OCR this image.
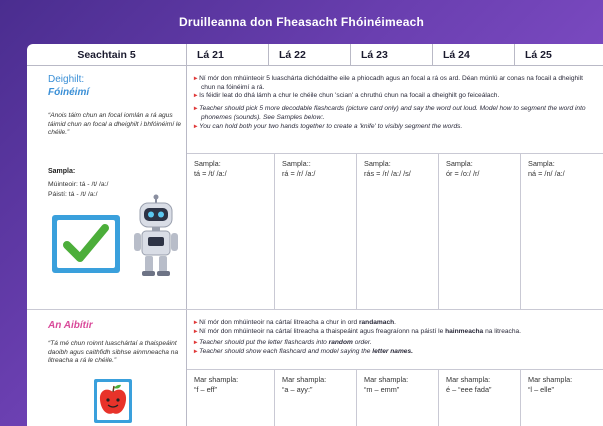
Druilleanna don Fheasacht Fhóinéimeach
Seachtain 5	Lá 21	Lá 22	Lá 23	Lá 24	Lá 25
Deighilt:
Fóinéimí
“Anois táim chun an focal iomlán a rá agus táimid chun an focal a dheighilt i bhfóinéimí le chéile.”
Sampla:
Múinteoir: tá - /t/ /a:/
Páistí: tá - /t/ /a:/

▸ Ní mór don mhúinteoir 5 luaschárta dichódaithe eile a phiocadh agus an focal a rá os ard. Déan múnlú ar conas na focail a dheighilt chun na fóinéimí a rá.

▸ Is féidir leat do dhá lámh a chur le chéile chun 'scian' a chruthú chun na focail a dheighilt go feiceálach.

▸ Teacher should pick 5 more decodable flashcards (picture card only) and say the word out loud. Model how to segment the word into phonemes (sounds). See Samples below:.

▸ You can hold both your two hands together to create a 'knife' to visibly segment the words.

Sampla:
tá = /t/ /a:/
Sampla::
rá = /r/ /a:/
Sampla:
rás = /r/ /a:/ /s/
Sampla:
ór = /o:/ /r/
Sampla:
ná = /n/ /a:/
An Aibítir
“Tá mé chun roinnt luaschártaí a thaispeáint daoibh agus caithfidh sibhse ainmneacha na litreacha a rá le chéile.”

▸ Ní mór don mhúinteoir na cártaí litreacha a chur in ord randamach.

▸ Ní mór don mhúinteoir na cártaí litreacha a thaispeáint agus freagraíonn na páistí le hainmeacha na litreacha.

▸ Teacher should put the letter flashcards into random order.

▸ Teacher should show each flashcard and model saying the letter names.

Mar shampla:
“f – eff”
Mar shampla:
“a – ayy:”
Mar shampla:
“m – emm”
Mar shampla:
é – “eee fada”
Mar shampla:
“l – elle”
